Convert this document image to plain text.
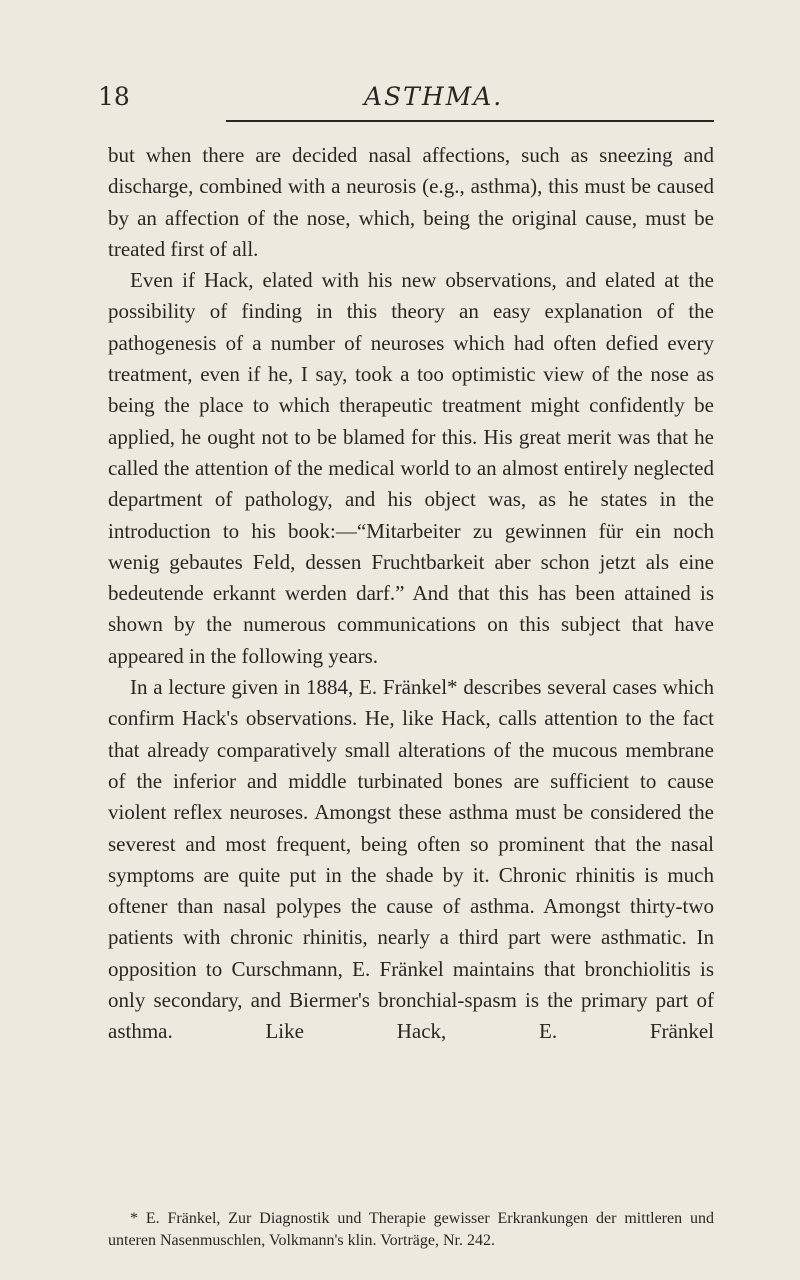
18	ASTHMA.

but when there are decided nasal affections, such as sneezing and discharge, combined with a neurosis (e.g., asthma), this must be caused by an affection of the nose, which, being the original cause, must be treated first of all.

Even if Hack, elated with his new observations, and elated at the possibility of finding in this theory an easy explanation of the pathogenesis of a number of neuroses which had often defied every treatment, even if he, I say, took a too optimistic view of the nose as being the place to which therapeutic treatment might confidently be applied, he ought not to be blamed for this. His great merit was that he called the attention of the medical world to an almost entirely neglected department of pathology, and his object was, as he states in the introduction to his book:—“Mitarbeiter zu gewinnen für ein noch wenig gebautes Feld, dessen Fruchtbarkeit aber schon jetzt als eine bedeutende erkannt werden darf.” And that this has been attained is shown by the numerous communications on this subject that have appeared in the following years.

In a lecture given in 1884, E. Fränkel* describes several cases which confirm Hack's observations. He, like Hack, calls attention to the fact that already comparatively small alterations of the mucous membrane of the inferior and middle turbinated bones are sufficient to cause violent reflex neuroses. Amongst these asthma must be considered the severest and most frequent, being often so prominent that the nasal symptoms are quite put in the shade by it. Chronic rhinitis is much oftener than nasal polypes the cause of asthma. Amongst thirty-two patients with chronic rhinitis, nearly a third part were asthmatic. In opposition to Curschmann, E. Fränkel maintains that bronchiolitis is only secondary, and Biermer's bronchial-spasm is the primary part of asthma. Like Hack, E. Fränkel

* E. Fränkel, Zur Diagnostik und Therapie gewisser Erkrankungen der mittleren und unteren Nasenmuschlen, Volkmann's klin. Vorträge, Nr. 242.
